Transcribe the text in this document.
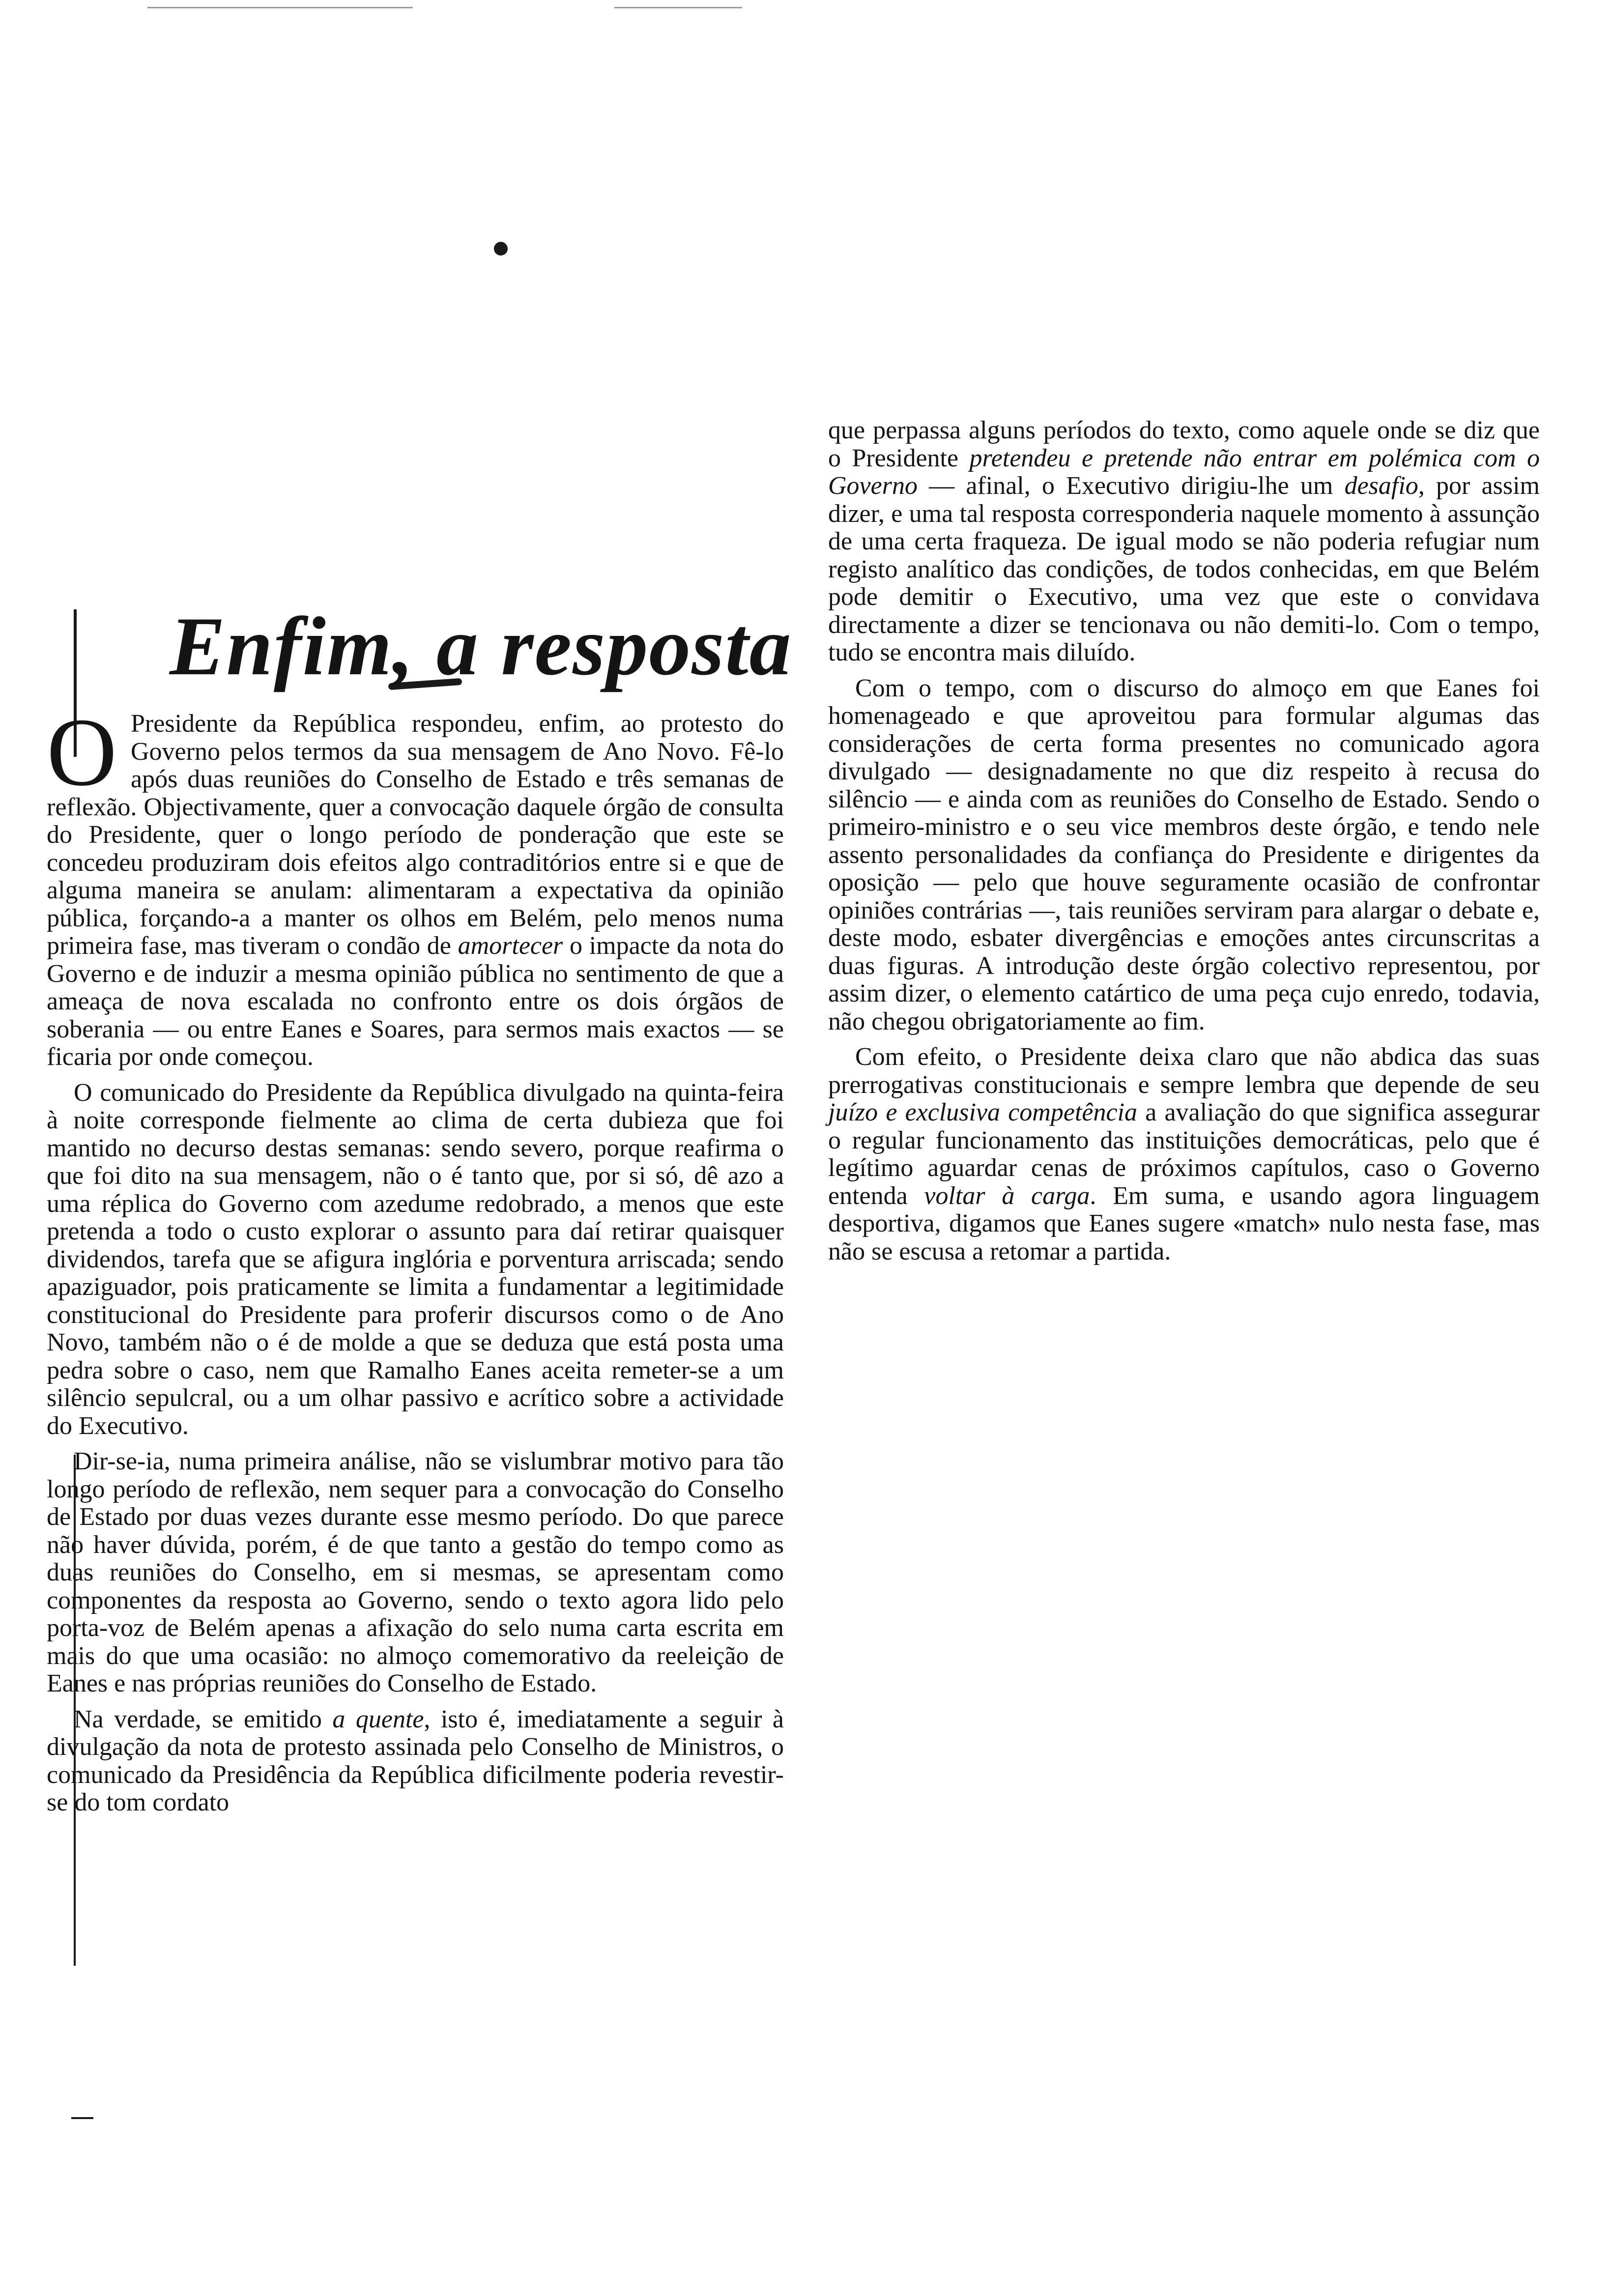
Enfim, a resposta

O Presidente da República respondeu, enfim, ao protesto do Governo pelos termos da sua mensagem de Ano Novo. Fê-lo após duas reuniões do Conselho de Estado e três semanas de reflexão. Objectivamente, quer a convocação daquele órgão de consulta do Presidente, quer o longo período de ponderação que este se concedeu produziram dois efeitos algo contraditórios entre si e que de alguma maneira se anulam: alimentaram a expectativa da opinião pública, forçando-a a manter os olhos em Belém, pelo menos numa primeira fase, mas tiveram o condão de amortecer o impacte da nota do Governo e de induzir a mesma opinião pública no sentimento de que a ameaça de nova escalada no confronto entre os dois órgãos de soberania — ou entre Eanes e Soares, para sermos mais exactos — se ficaria por onde começou.

O comunicado do Presidente da República divulgado na quinta-feira à noite corresponde fielmente ao clima de certa dubieza que foi mantido no decurso destas semanas: sendo severo, porque reafirma o que foi dito na sua mensagem, não o é tanto que, por si só, dê azo a uma réplica do Governo com azedume redobrado, a menos que este pretenda a todo o custo explorar o assunto para daí retirar quaisquer dividendos, tarefa que se afigura inglória e porventura arriscada; sendo apaziguador, pois praticamente se limita a fundamentar a legitimidade constitucional do Presidente para proferir discursos como o de Ano Novo, também não o é de molde a que se deduza que está posta uma pedra sobre o caso, nem que Ramalho Eanes aceita remeter-se a um silêncio sepulcral, ou a um olhar passivo e acrítico sobre a actividade do Executivo.

Dir-se-ia, numa primeira análise, não se vislumbrar motivo para tão longo período de reflexão, nem sequer para a convocação do Conselho de Estado por duas vezes durante esse mesmo período. Do que parece não haver dúvida, porém, é de que tanto a gestão do tempo como as duas reuniões do Conselho, em si mesmas, se apresentam como componentes da resposta ao Governo, sendo o texto agora lido pelo porta-voz de Belém apenas a afixação do selo numa carta escrita em mais do que uma ocasião: no almoço comemorativo da reeleição de Eanes e nas próprias reuniões do Conselho de Estado.

Na verdade, se emitido a quente, isto é, imediatamente a seguir à divulgação da nota de protesto assinada pelo Conselho de Ministros, o comunicado da Presidência da República dificilmente poderia revestir-se do tom cordato

que perpassa alguns períodos do texto, como aquele onde se diz que o Presidente pretendeu e pretende não entrar em polémica com o Governo — afinal, o Executivo dirigiu-lhe um desafio, por assim dizer, e uma tal resposta corresponderia naquele momento à assunção de uma certa fraqueza. De igual modo se não poderia refugiar num registo analítico das condições, de todos conhecidas, em que Belém pode demitir o Executivo, uma vez que este o convidava directamente a dizer se tencionava ou não demiti-lo. Com o tempo, tudo se encontra mais diluído.

Com o tempo, com o discurso do almoço em que Eanes foi homenageado e que aproveitou para formular algumas das considerações de certa forma presentes no comunicado agora divulgado — designadamente no que diz respeito à recusa do silêncio — e ainda com as reuniões do Conselho de Estado. Sendo o primeiro-ministro e o seu vice membros deste órgão, e tendo nele assento personalidades da confiança do Presidente e dirigentes da oposição — pelo que houve seguramente ocasião de confrontar opiniões contrárias —, tais reuniões serviram para alargar o debate e, deste modo, esbater divergências e emoções antes circunscritas a duas figuras. A introdução deste órgão colectivo representou, por assim dizer, o elemento catártico de uma peça cujo enredo, todavia, não chegou obrigatoriamente ao fim.

Com efeito, o Presidente deixa claro que não abdica das suas prerrogativas constitucionais e sempre lembra que depende de seu juízo e exclusiva competência a avaliação do que significa assegurar o regular funcionamento das instituições democráticas, pelo que é legítimo aguardar cenas de próximos capítulos, caso o Governo entenda voltar à carga. Em suma, e usando agora linguagem desportiva, digamos que Eanes sugere «match» nulo nesta fase, mas não se escusa a retomar a partida.
